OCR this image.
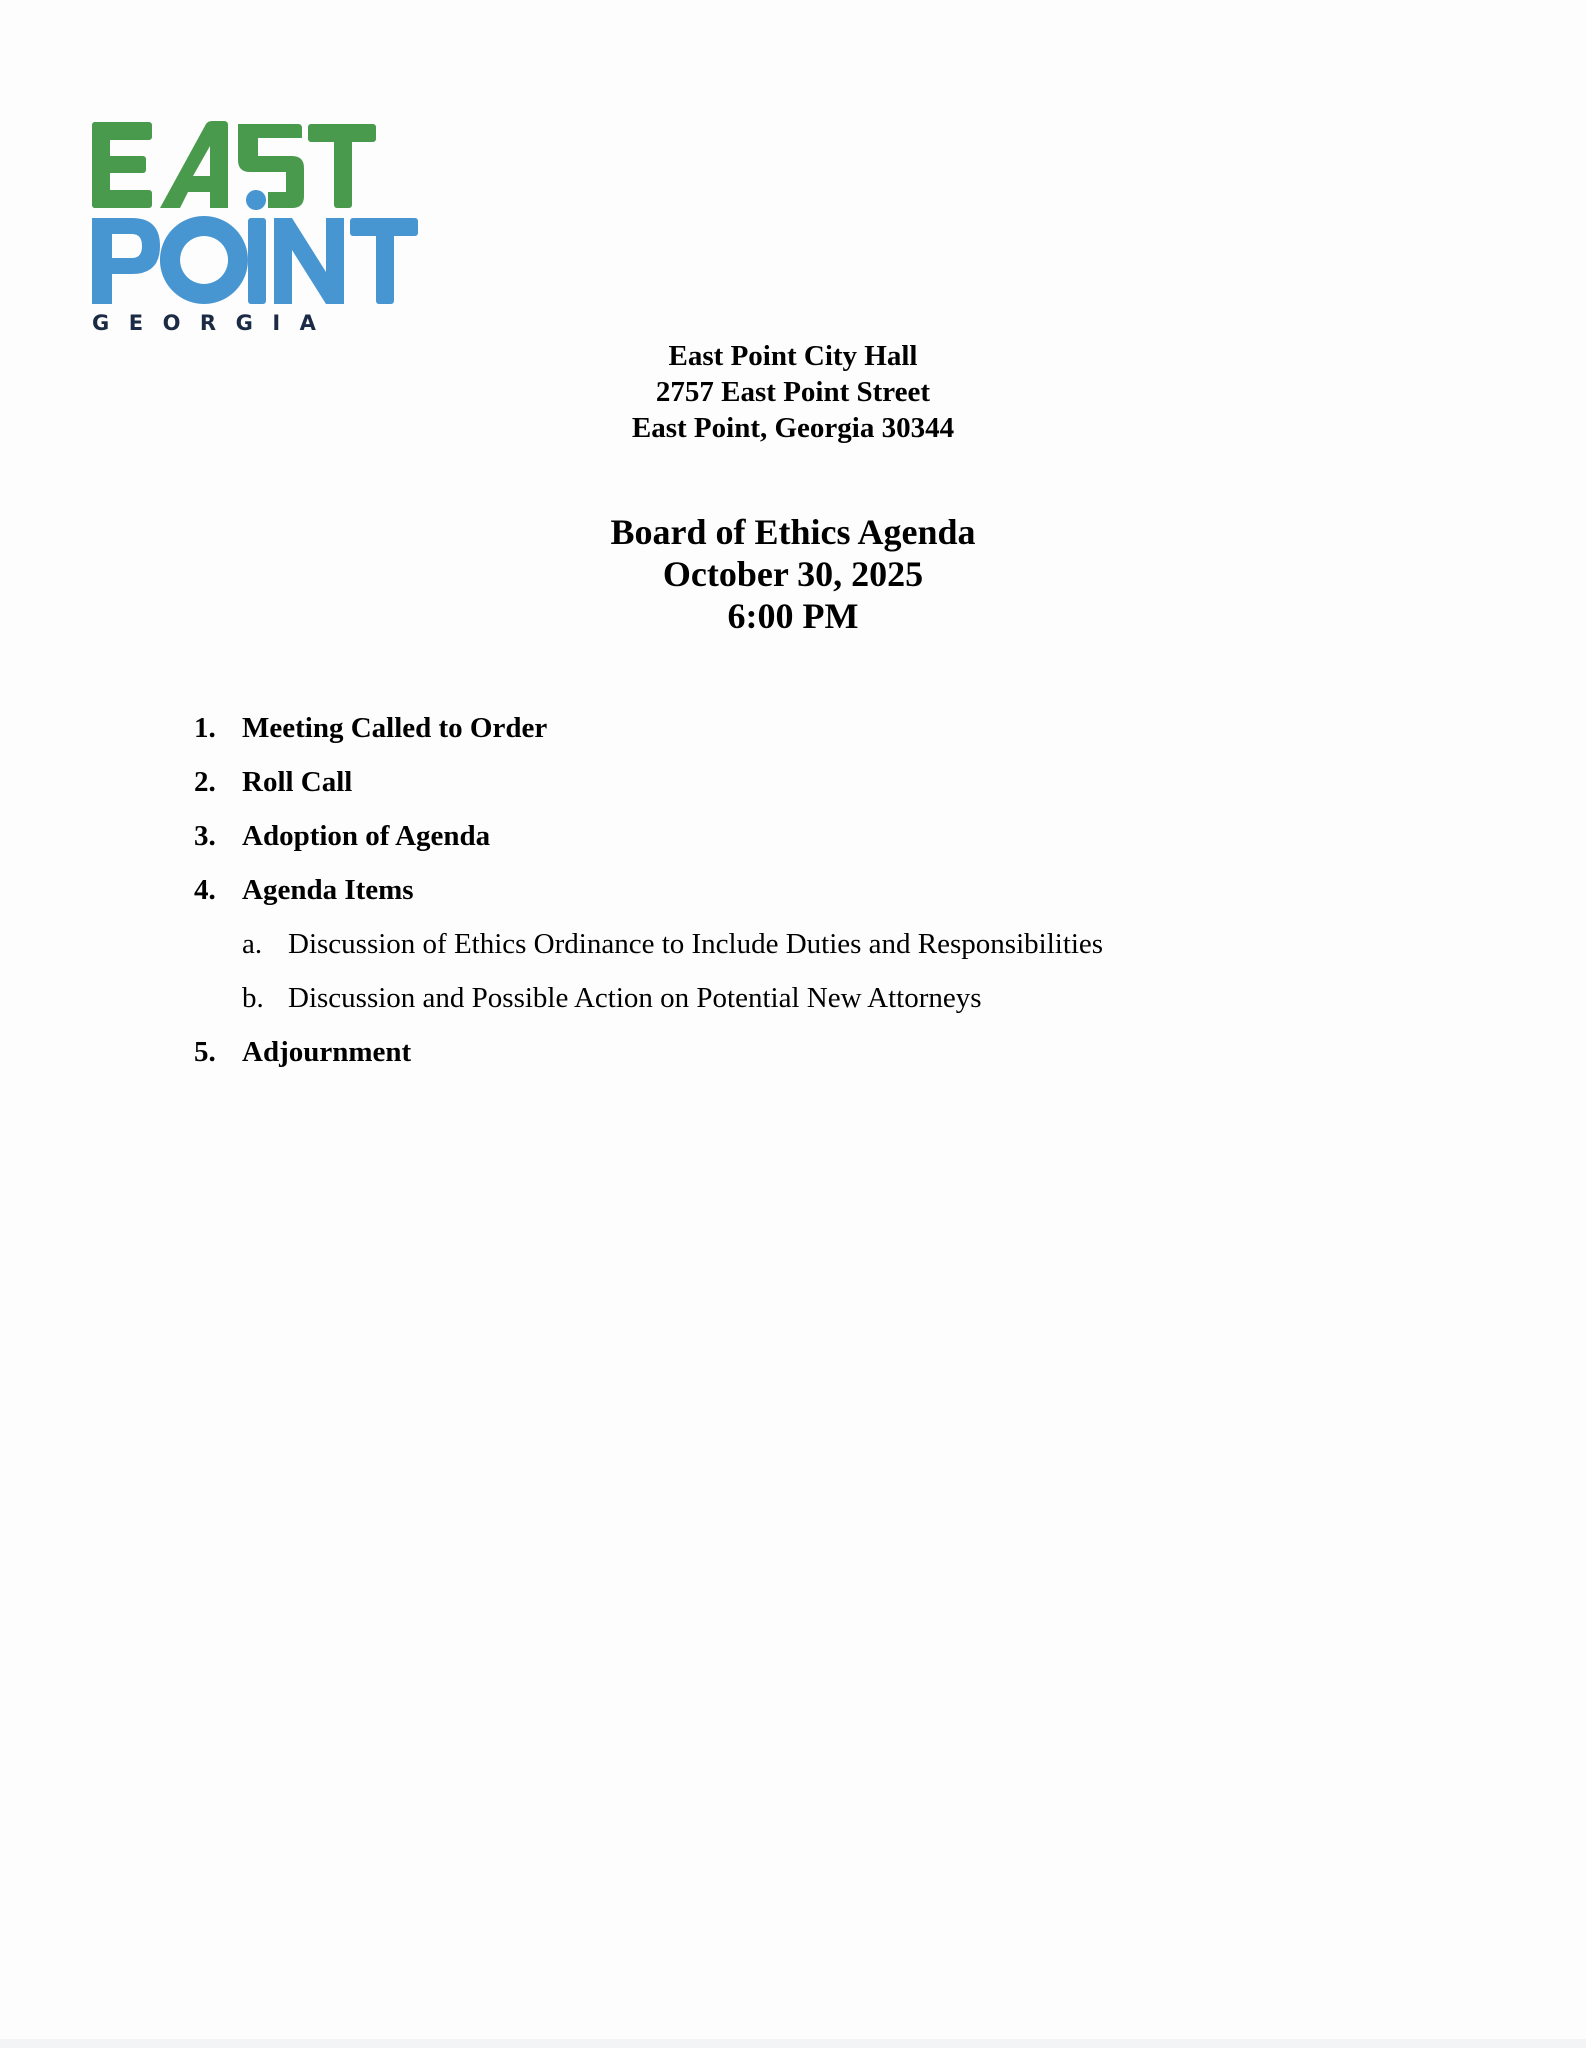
GEORGIA
East Point City Hall
2757 East Point Street
East Point, Georgia 30344
Board of Ethics Agenda
October 30, 2025
6:00 PM
1. Meeting Called to Order
2. Roll Call
3. Adoption of Agenda
4. Agenda Items
a. Discussion of Ethics Ordinance to Include Duties and Responsibilities
b. Discussion and Possible Action on Potential New Attorneys
5. Adjournment
